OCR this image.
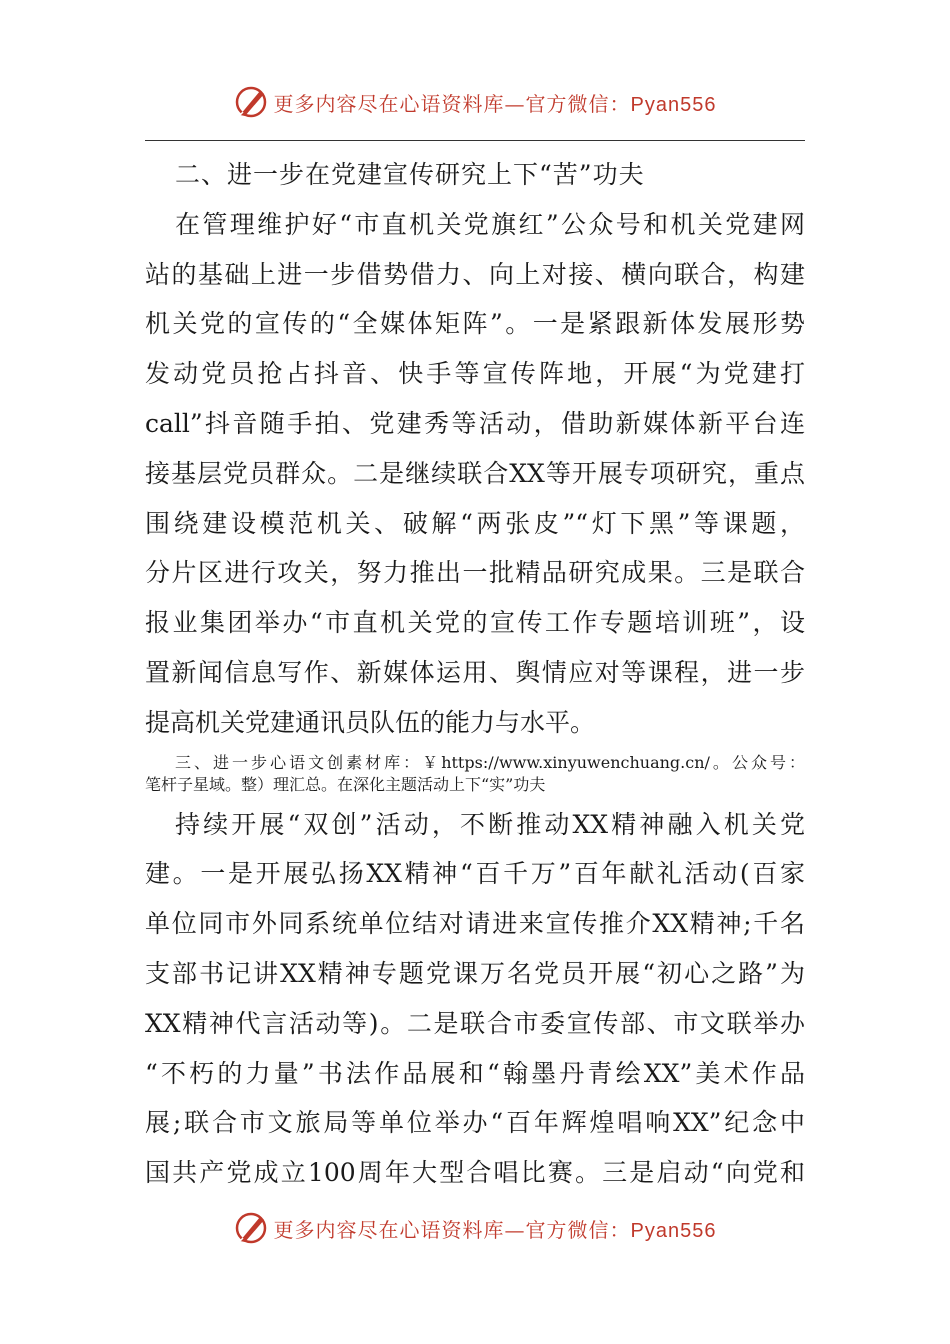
更多内容尽在心语资料库—官方微信：Pyan556
二、进一步在党建宣传研究上下“苦”功夫
在管理维护好“市直机关党旗红”公众号和机关党建网
站的基础上进一步借势借力、向上对接、横向联合，构建
机关党的宣传的“全媒体矩阵”。一是紧跟新体发展形势
发动党员抢占抖音、快手等宣传阵地，开展“为党建打
call”抖音随手拍、党建秀等活动，借助新媒体新平台连
接基层党员群众。二是继续联合XX等开展专项研究，重点
围绕建设模范机关、破解“两张皮”“灯下黑”等课题，
分片区进行攻关，努力推出一批精品研究成果。三是联合
报业集团举办“市直机关党的宣传工作专题培训班”，设
置新闻信息写作、新媒体运用、舆情应对等课程，进一步
提高机关党建通讯员队伍的能力与水平。
三、进一步心语文创素材库：￥https://www.xinyuwenchuang.cn/。公众号：
笔杆子星域。整）理汇总。在深化主题活动上下“实”功夫
持续开展“双创”活动，不断推动XX精神融入机关党
建。一是开展弘扬XX精神“百千万”百年献礼活动(百家
单位同市外同系统单位结对请进来宣传推介XX精神;千名
支部书记讲XX精神专题党课万名党员开展“初心之路”为
XX精神代言活动等)。二是联合市委宣传部、市文联举办
“不朽的力量”书法作品展和“翰墨丹青绘XX”美术作品
展;联合市文旅局等单位举办“百年辉煌唱响XX”纪念中
国共产党成立100周年大型合唱比赛。三是启动“向党和
更多内容尽在心语资料库—官方微信：Pyan556
